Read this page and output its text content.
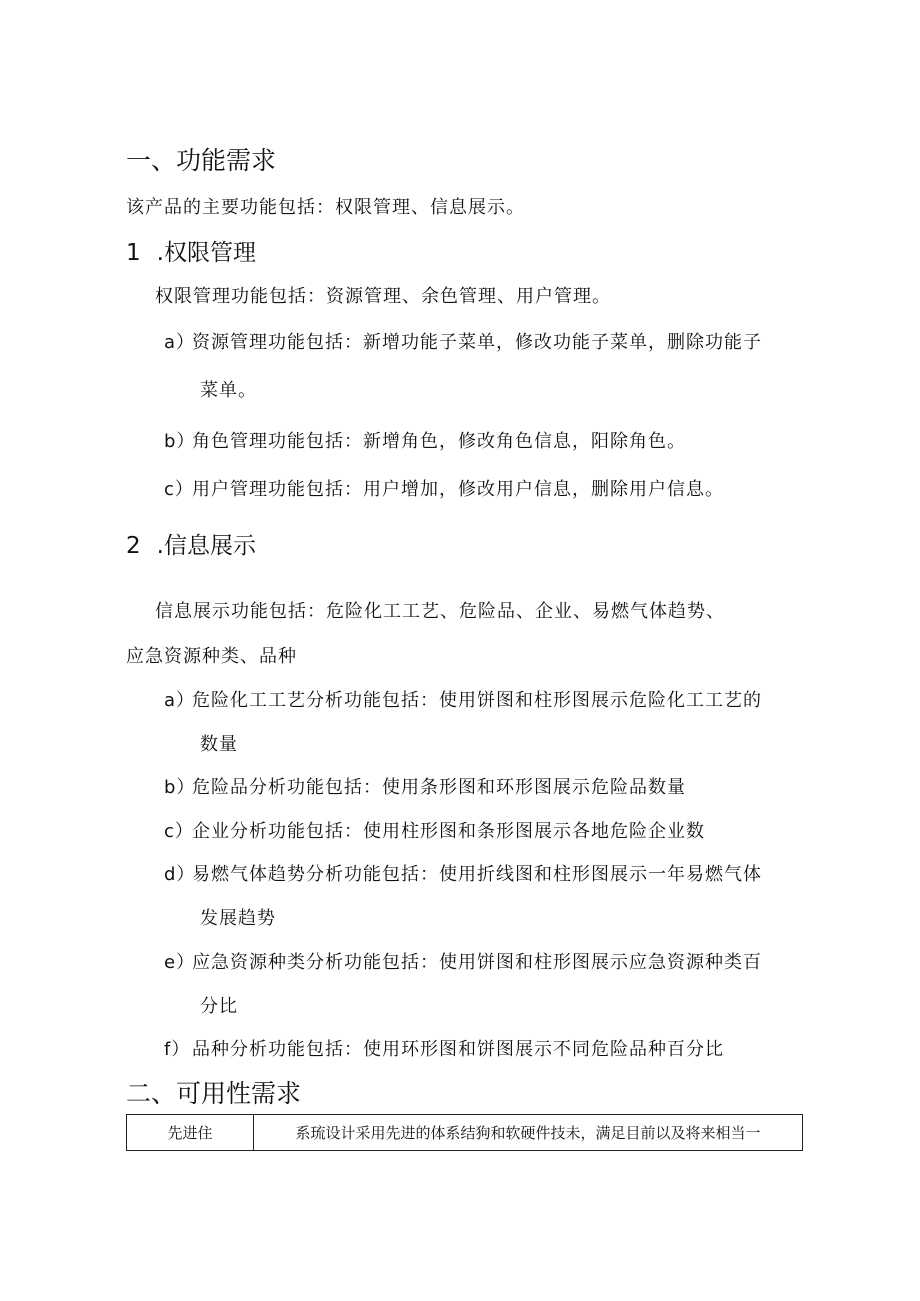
一、功能需求
该产品的主要功能包括：权限管理、信息展示。
1 .权限管理
权限管理功能包括：资源管理、余色管理、用户管理。
a）资源管理功能包括：新增功能子菜单，修改功能子菜单，删除功能子
菜单。
b）角色管理功能包括：新增角色，修改角色信息，阳除角色。
c）用户管理功能包括：用户增加，修改用户信息，删除用户信息。
2 .信息展示
信息展示功能包括：危险化工工艺、危险品、企业、易燃气体趋势、
应急资源种类、品种
a）危险化工工艺分析功能包括：使用饼图和柱形图展示危险化工工艺的
数量
b）危险品分析功能包括：使用条形图和环形图展示危险品数量
c）企业分析功能包括：使用柱形图和条形图展示各地危险企业数
d）易燃气体趋势分析功能包括：使用折线图和柱形图展示一年易燃气体
发展趋势
e）应急资源种类分析功能包括：使用饼图和柱形图展示应急资源种类百
分比
f）品种分析功能包括：使用环形图和饼图展示不同危险品种百分比
二、可用性需求
先进住	系琉设计采用先进的体系结狗和软硬件技未，满足目前以及将来相当一
